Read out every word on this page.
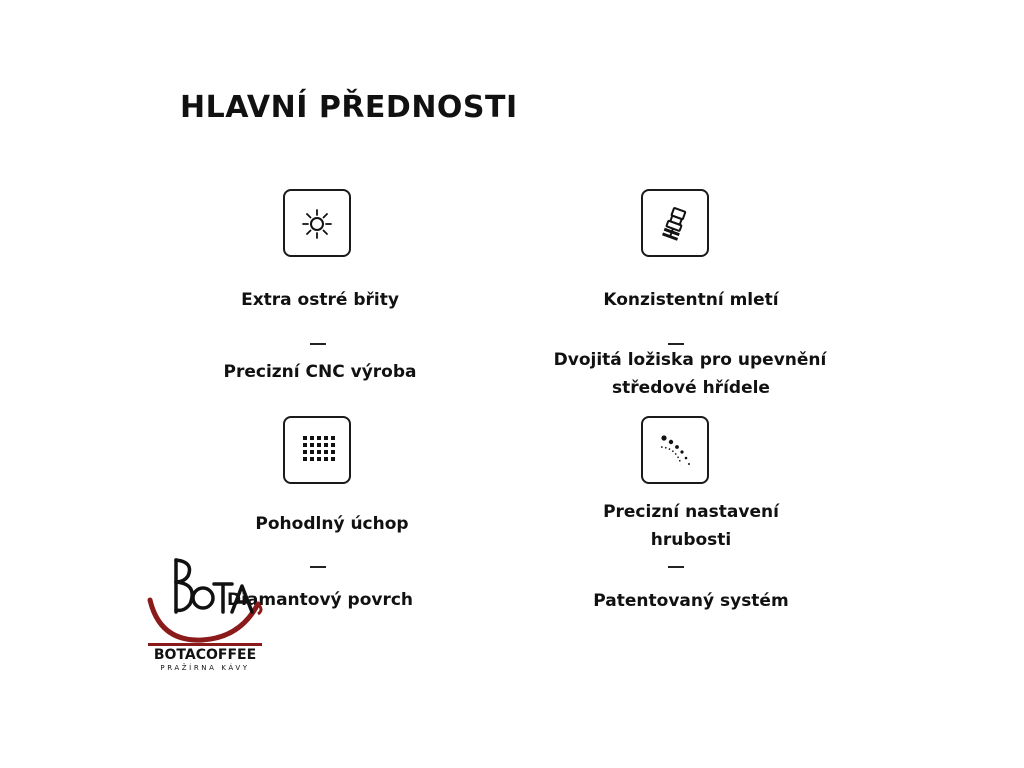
HLAVNÍ PŘEDNOSTI
Extra ostré břity
Precizní CNC výroba
Konzistentní mletí
Dvojitá ložiska pro upevnění
středové hřídele
Pohodlný úchop
Diamantový povrch
Precizní nastavení
hrubosti
Patentovaný systém
BOTACOFFEE
PRAŽÍRNA KÁVY
